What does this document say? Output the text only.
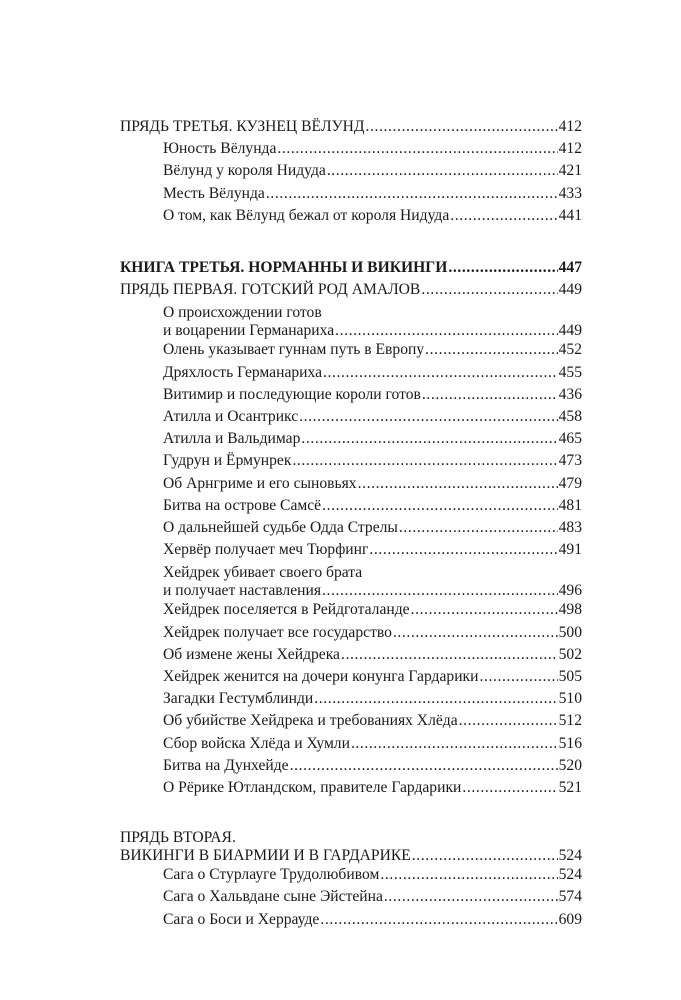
ПРЯДЬ ТРЕТЬЯ. КУЗНЕЦ ВЁЛУНД .....	412
Юность Вёлунда .....	412
Вёлунд у короля Нидуда .....	421
Месть Вёлунда .....	433
О том, как Вёлунд бежал от короля Нидуда .....	441
КНИГА ТРЕТЬЯ. НОРМАННЫ И ВИКИНГИ .....	447
ПРЯДЬ ПЕРВАЯ. ГОТСКИЙ РОД АМАЛОВ .....	449
О происхождении готов
и воцарении Германариха .....	449
Олень указывает гуннам путь в Европу .....	452
Дряхлость Германариха .....	455
Витимир и последующие короли готов .....	436
Атилла и Осантрикс .....	458
Атилла и Вальдимар .....	465
Гудрун и Ёрмунрек .....	473
Об Арнгриме и его сыновьях .....	479
Битва на острове Самсё .....	481
О дальнейшей судьбе Одда Стрелы .....	483
Хервёр получает меч Тюрфинг .....	491
Хейдрек убивает своего брата
и получает наставления .....	496
Хейдрек поселяется в Рейдготаланде .....	498
Хейдрек получает все государство .....	500
Об измене жены Хейдрека .....	502
Хейдрек женится на дочери конунга Гардарики .....	505
Загадки Гестумблинди .....	510
Об убийстве Хейдрека и требованиях Хлёда .....	512
Сбор войска Хлёда и Хумли .....	516
Битва на Дунхейде .....	520
О Рёрике Ютландском, правителе Гардарики .....	521
ПРЯДЬ ВТОРАЯ.
ВИКИНГИ В БИАРМИИ И В ГАРДАРИКЕ .....	524
Сага о Стурлауге Трудолюбивом .....	524
Сага о Хальвдане сыне Эйстейна .....	574
Сага о Боси и Херрауде .....	609
